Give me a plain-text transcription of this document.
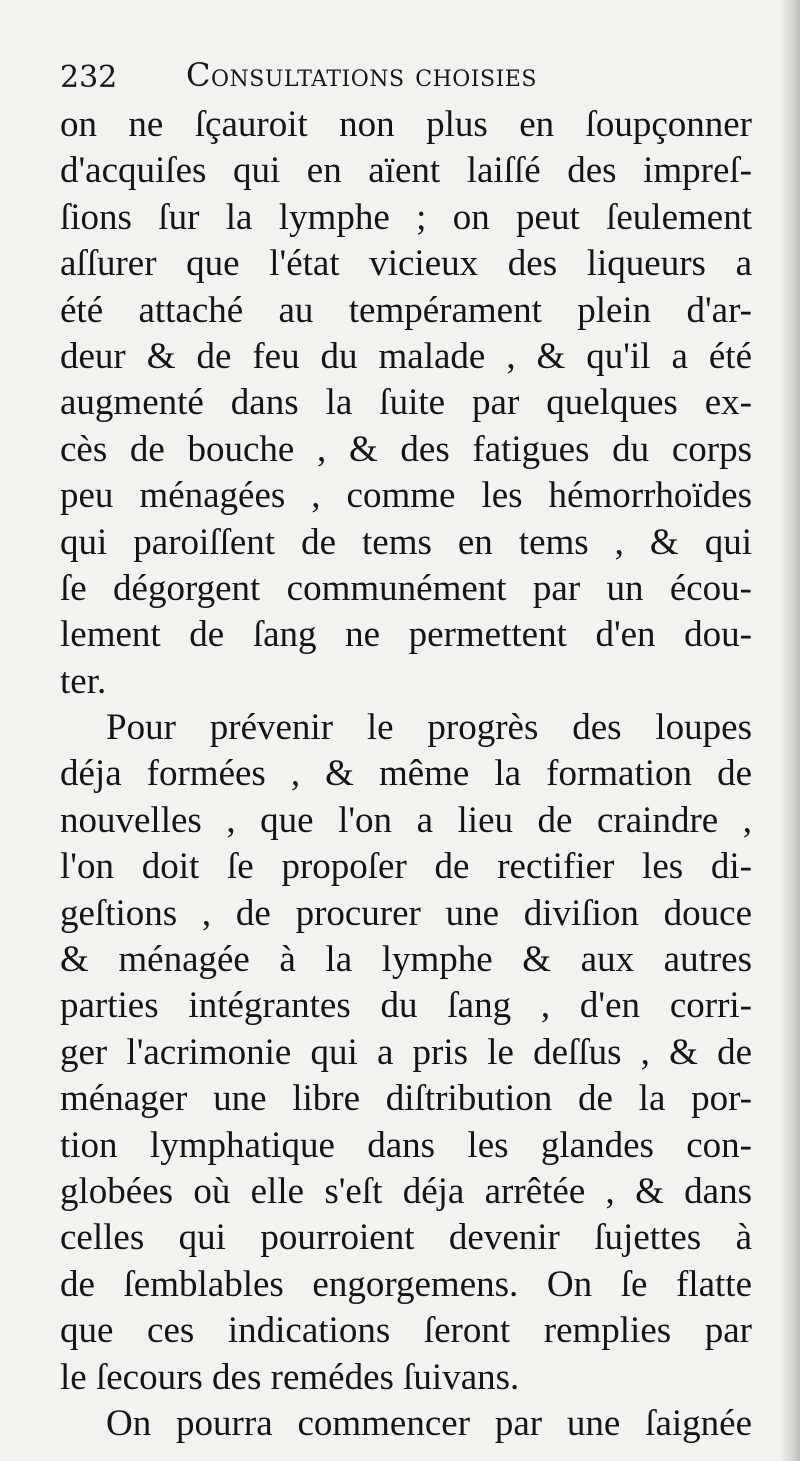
232 Consultations choisies
on ne ſçauroit non plus en ſoupçonner
d'acquiſes qui en aïent laiſſé des impreſ-
ſions ſur la lymphe ; on peut ſeulement
aſſurer que l'état vicieux des liqueurs a
été attaché au tempérament plein d'ar-
deur & de feu du malade , & qu'il a été
augmenté dans la ſuite par quelques ex-
cès de bouche , & des fatigues du corps
peu ménagées , comme les hémorrhoïdes
qui paroiſſent de tems en tems , & qui
ſe dégorgent communément par un écou-
lement de ſang ne permettent d'en dou-
ter.
Pour prévenir le progrès des loupes
déja formées , & même la formation de
nouvelles , que l'on a lieu de craindre ,
l'on doit ſe propoſer de rectifier les di-
geſtions , de procurer une diviſion douce
& ménagée à la lymphe & aux autres
parties intégrantes du ſang , d'en corri-
ger l'acrimonie qui a pris le deſſus , & de
ménager une libre diſtribution de la por-
tion lymphatique dans les glandes con-
globées où elle s'eſt déja arrêtée , & dans
celles qui pourroient devenir ſujettes à
de ſemblables engorgemens. On ſe flatte
que ces indications ſeront remplies par
le ſecours des remédes ſuivans.
On pourra commencer par une ſaignée
